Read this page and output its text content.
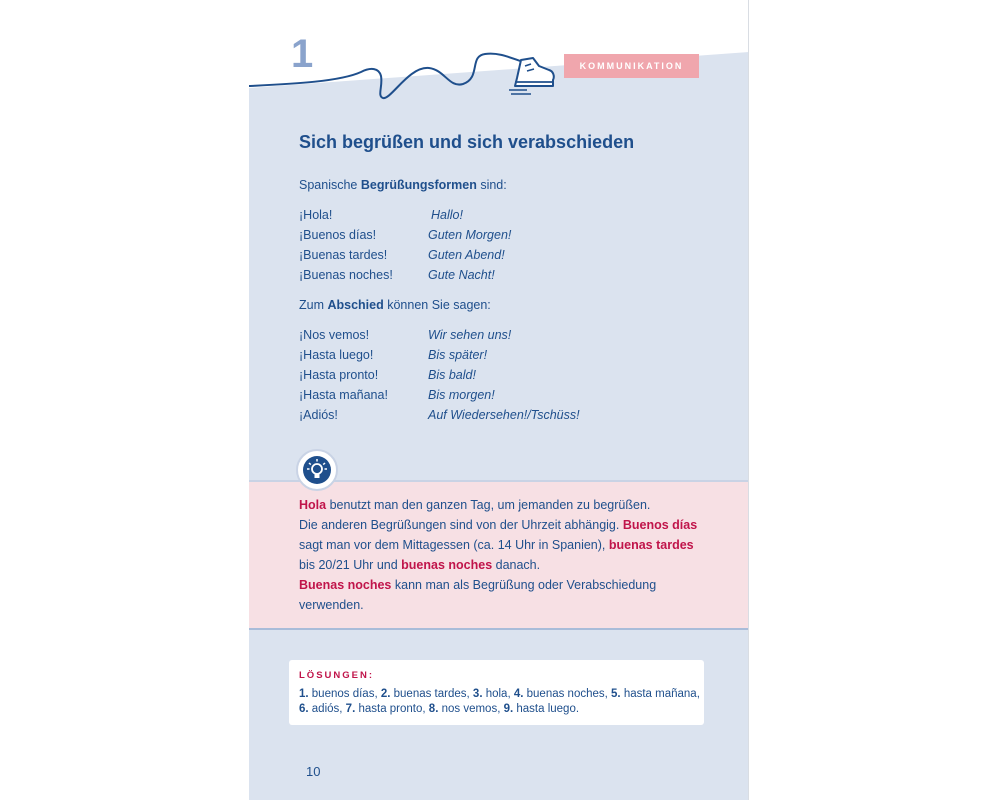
1	KOMMUNIKATION
Sich begrüßen und sich verabschieden
Spanische Begrüßungsformen sind:
¡Hola!	Hallo!
¡Buenos días!	Guten Morgen!
¡Buenas tardes!	Guten Abend!
¡Buenas noches!	Gute Nacht!
Zum Abschied können Sie sagen:
¡Nos vemos!	Wir sehen uns!
¡Hasta luego!	Bis später!
¡Hasta pronto!	Bis bald!
¡Hasta mañana!	Bis morgen!
¡Adiós!	Auf Wiedersehen!/Tschüss!
Hola benutzt man den ganzen Tag, um jemanden zu begrüßen.
Die anderen Begrüßungen sind von der Uhrzeit abhängig. Buenos días
sagt man vor dem Mittagessen (ca. 14 Uhr in Spanien), buenas tardes
bis 20/21 Uhr und buenas noches danach.
Buenas noches kann man als Begrüßung oder Verabschiedung
verwenden.
LÖSUNGEN:
1. buenos días, 2. buenas tardes, 3. hola, 4. buenas noches, 5. hasta mañana,
6. adiós, 7. hasta pronto, 8. nos vemos, 9. hasta luego.
10
